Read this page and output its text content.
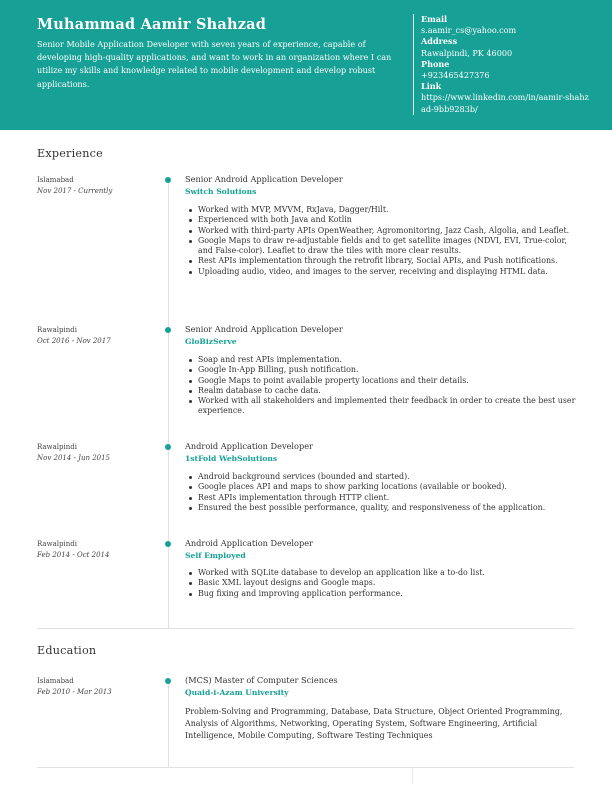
Muhammad Aamir Shahzad
Senior Mobile Application Developer with seven years of experience, capable of developing high-quality applications, and want to work in an organization where I can utilize my skills and knowledge related to mobile development and develop robust applications.
Email
s.aamir_cs@yahoo.com
Address
Rawalpindi, PK 46000
Phone
+923465427376
Link
https://www.linkedin.com/in/aamir-shahzad-9bb9283b/
Experience
Islamabad
Nov 2017 - Currently
Senior Android Application Developer
Switch Solutions
Worked with MVP, MVVM, RxJava, Dagger/Hilt.
Experienced with both Java and Kotlin
Worked with third-party APIs OpenWeather, Agromonitoring, Jazz Cash, Algolia, and Leaflet.
Google Maps to draw re-adjustable fields and to get satellite images (NDVI, EVI, True-color, and False-color). Leaflet to draw the tiles with more clear results.
Rest APIs implementation through the retrofit library, Social APIs, and Push notifications.
Uploading audio, video, and images to the server, receiving and displaying HTML data.
Rawalpindi
Oct 2016 - Nov 2017
Senior Android Application Developer
GloBizServe
Soap and rest APIs implementation.
Google In-App Billing, push notification.
Google Maps to point available property locations and their details.
Realm database to cache data.
Worked with all stakeholders and implemented their feedback in order to create the best user experience.
Rawalpindi
Nov 2014 - Jun 2015
Android Application Developer
1stFold WebSolutions
Android background services (bounded and started).
Google places API and maps to show parking locations (available or booked).
Rest APIs implementation through HTTP client.
Ensured the best possible performance, quality, and responsiveness of the application.
Rawalpindi
Feb 2014 - Oct 2014
Android Application Developer
Self Employed
Worked with SQLite database to develop an application like a to-do list.
Basic XML layout designs and Google maps.
Bug fixing and improving application performance.
Education
Islamabad
Feb 2010 - Mar 2013
(MCS) Master of Computer Sciences
Quaid-i-Azam University
Problem-Solving and Programming, Database, Data Structure, Object Oriented Programming, Analysis of Algorithms, Networking, Operating System, Software Engineering, Artificial Intelligence, Mobile Computing, Software Testing Techniques
